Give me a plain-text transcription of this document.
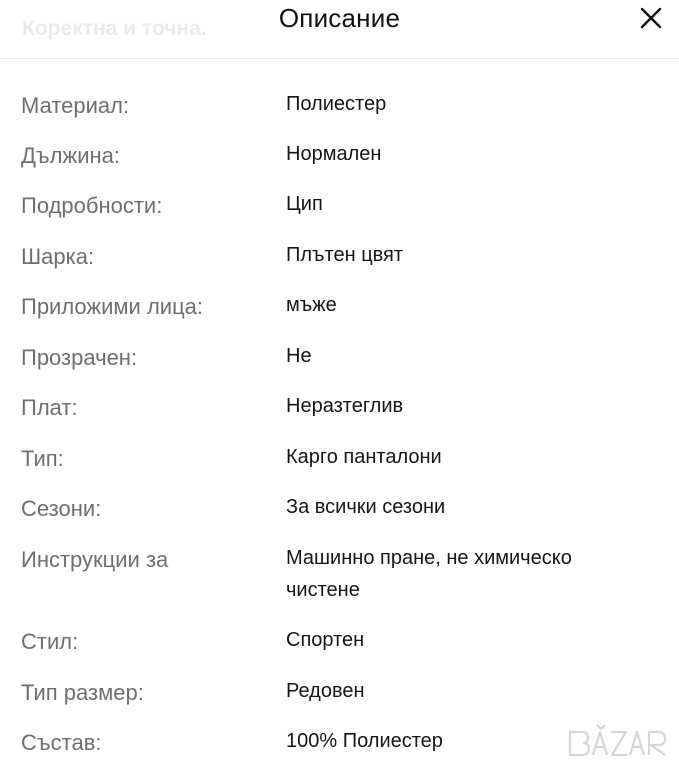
Коректна и точна.	Описание
Материал:	Полиестер
Дължина:	Нормален
Подробности:	Цип
Шарка:	Плътен цвят
Приложими лица:	мъже
Прозрачен:	Не
Плат:	Неразтеглив
Тип:	Карго панталони
Сезони:	За всички сезони
Инструкции за	Машинно пране, не химическо чистене
Стил:	Спортен
Тип размер:	Редовен
Състав:	100% Полиестер
